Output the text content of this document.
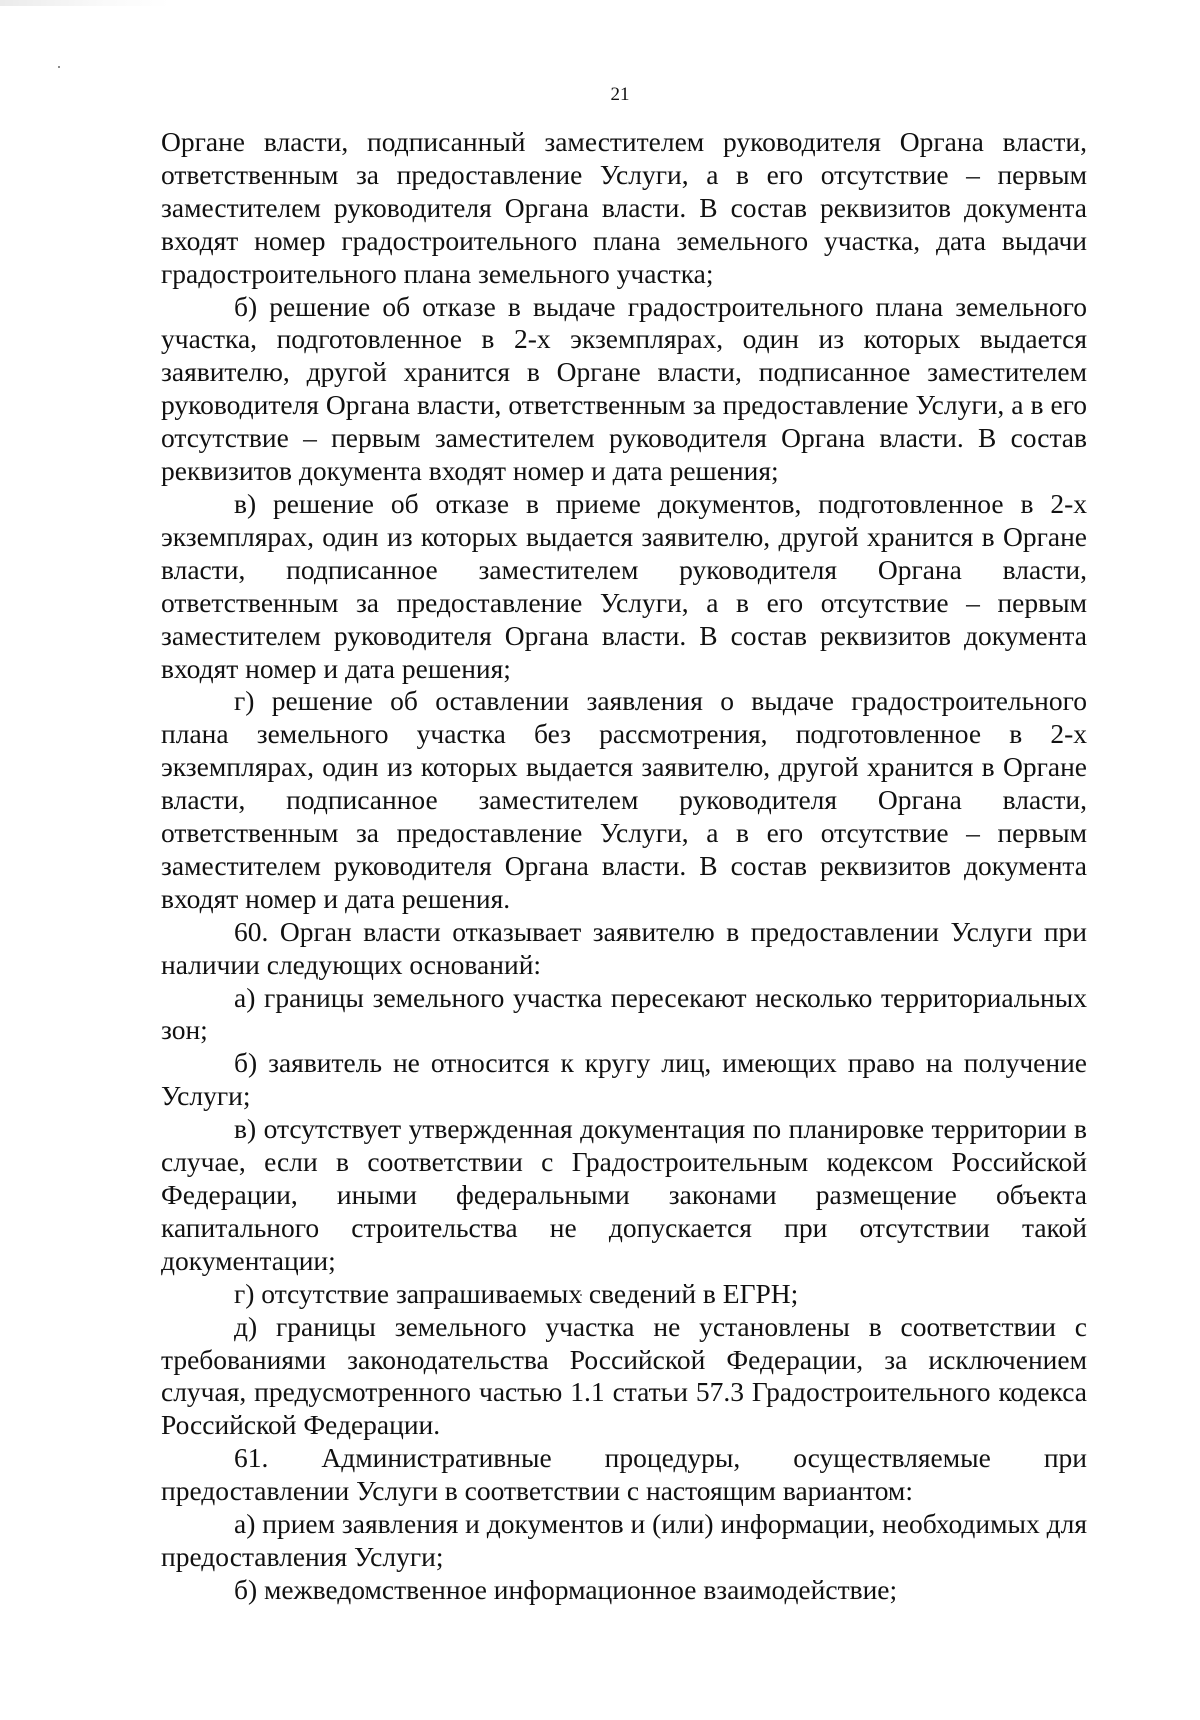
21

Органе власти, подписанный заместителем руководителя Органа власти, ответственным за предоставление Услуги, а в его отсутствие – первым заместителем руководителя Органа власти. В состав реквизитов документа входят номер градостроительного плана земельного участка, дата выдачи градостроительного плана земельного участка;

б) решение об отказе в выдаче градостроительного плана земельного участка, подготовленное в 2-х экземплярах, один из которых выдается заявителю, другой хранится в Органе власти, подписанное заместителем руководителя Органа власти, ответственным за предоставление Услуги, а в его отсутствие – первым заместителем руководителя Органа власти. В состав реквизитов документа входят номер и дата решения;

в) решение об отказе в приеме документов, подготовленное в 2-х экземплярах, один из которых выдается заявителю, другой хранится в Органе власти, подписанное заместителем руководителя Органа власти, ответственным за предоставление Услуги, а в его отсутствие – первым заместителем руководителя Органа власти. В состав реквизитов документа входят номер и дата решения;

г) решение об оставлении заявления о выдаче градостроительного плана земельного участка без рассмотрения, подготовленное в 2-х экземплярах, один из которых выдается заявителю, другой хранится в Органе власти, подписанное заместителем руководителя Органа власти, ответственным за предоставление Услуги, а в его отсутствие – первым заместителем руководителя Органа власти. В состав реквизитов документа входят номер и дата решения.

60. Орган власти отказывает заявителю в предоставлении Услуги при наличии следующих оснований:

а) границы земельного участка пересекают несколько территориальных зон;

б) заявитель не относится к кругу лиц, имеющих право на получение Услуги;

в) отсутствует утвержденная документация по планировке территории в случае, если в соответствии с Градостроительным кодексом Российской Федерации, иными федеральными законами размещение объекта капитального строительства не допускается при отсутствии такой документации;

г) отсутствие запрашиваемых сведений в ЕГРН;

д) границы земельного участка не установлены в соответствии с требованиями законодательства Российской Федерации, за исключением случая, предусмотренного частью 1.1 статьи 57.3 Градостроительного кодекса Российской Федерации.

61. Административные процедуры, осуществляемые при предоставлении Услуги в соответствии с настоящим вариантом:

а) прием заявления и документов и (или) информации, необходимых для предоставления Услуги;

б) межведомственное информационное взаимодействие;
